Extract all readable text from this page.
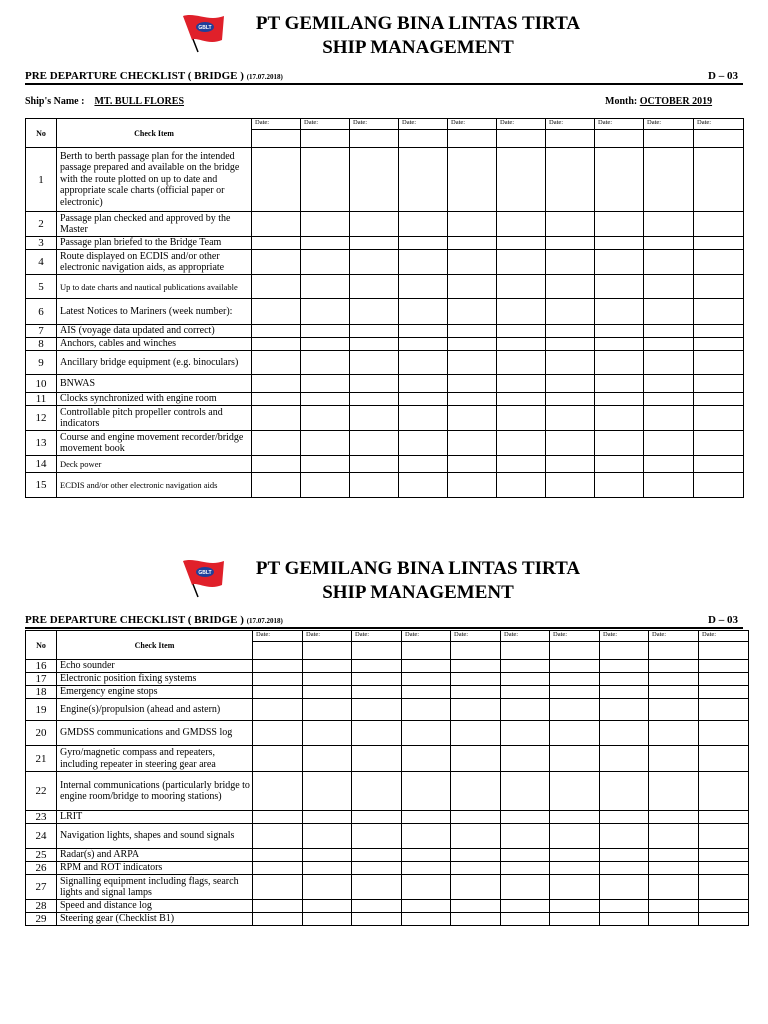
GBLT	PT GEMILANG BINA LINTAS TIRTA
SHIP MANAGEMENT
PRE DEPARTURE CHECKLIST ( BRIDGE ) (17.07.2018)	D – 03
Ship's Name : MT. BULL FLORES	Month: OCTOBER 2019
No	Check Item	Date:	Date:	Date:	Date:	Date:	Date:	Date:	Date:	Date:	Date:

1	Berth to berth passage plan for the intended passage prepared and available on the bridge with the route plotted on up to date and appropriate scale charts (official paper or electronic)										
2	Passage plan checked and approved by the Master										
3	Passage plan briefed to the Bridge Team										
4	Route displayed on ECDIS and/or other electronic navigation aids, as appropriate										
5	Up to date charts and nautical publications available										
6	Latest Notices to Mariners (week number):										
7	AIS (voyage data updated and correct)										
8	Anchors, cables and winches										
9	Ancillary bridge equipment (e.g. binoculars)										
10	BNWAS										
11	Clocks synchronized with engine room										
12	Controllable pitch propeller controls and indicators										
13	Course and engine movement recorder/bridge movement book										
14	Deck power										
15	ECDIS and/or other electronic navigation aids										
GBLT	PT GEMILANG BINA LINTAS TIRTA
SHIP MANAGEMENT
PRE DEPARTURE CHECKLIST ( BRIDGE ) (17.07.2018)	D – 03
No	Check Item	Date:	Date:	Date:	Date:	Date:	Date:	Date:	Date:	Date:	Date:

16	Echo sounder										
17	Electronic position fixing systems										
18	Emergency engine stops										
19	Engine(s)/propulsion (ahead and astern)										
20	GMDSS communications and GMDSS log										
21	Gyro/magnetic compass and repeaters, including repeater in steering gear area										
22	Internal communications (particularly bridge to engine room/bridge to mooring stations)										
23	LRIT										
24	Navigation lights, shapes and sound signals										
25	Radar(s) and ARPA										
26	RPM and ROT indicators										
27	Signalling equipment including flags, search lights and signal lamps										
28	Speed and distance log										
29	Steering gear (Checklist B1)										
